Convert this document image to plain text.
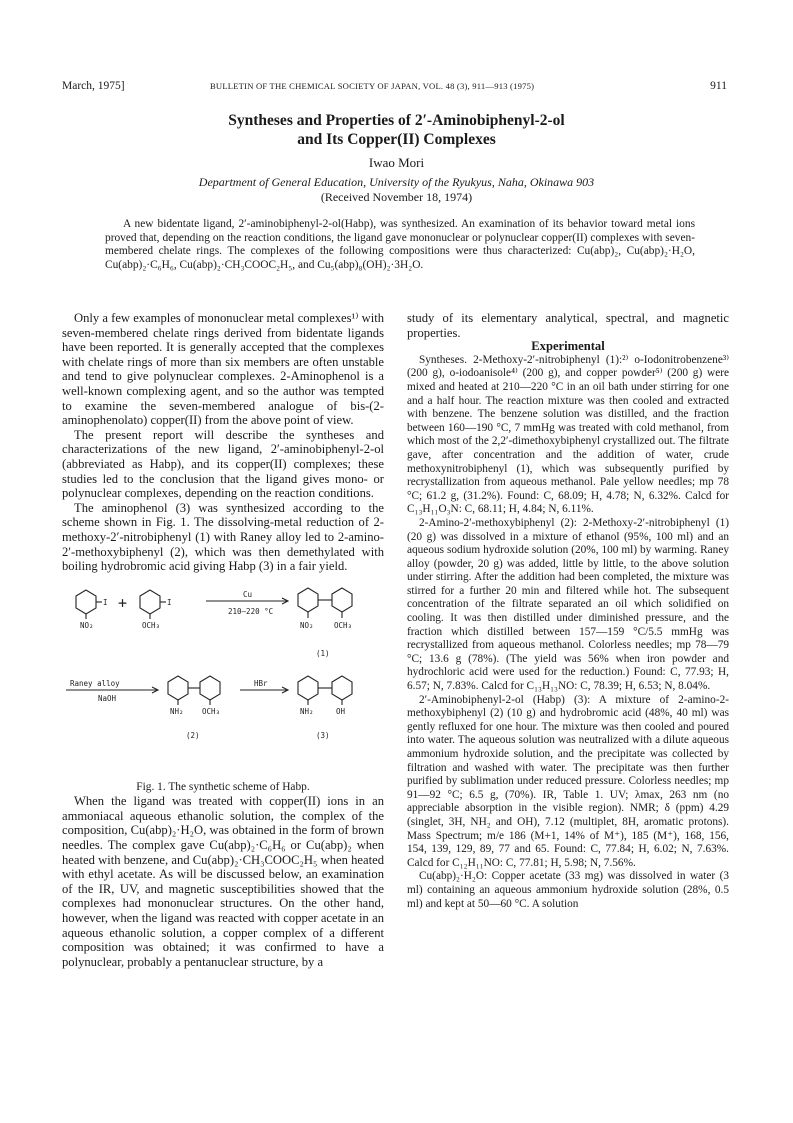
March, 1975]	BULLETIN OF THE CHEMICAL SOCIETY OF JAPAN, VOL. 48 (3), 911—913 (1975)	911
Syntheses and Properties of 2′-Aminobiphenyl-2-ol
and Its Copper(II) Complexes
Iwao Mori
Department of General Education, University of the Ryukyus, Naha, Okinawa 903
(Received November 18, 1974)

A new bidentate ligand, 2′-aminobiphenyl-2-ol(Habp), was synthesized. An examination of its behavior toward metal ions proved that, depending on the reaction conditions, the ligand gave mononuclear or polynuclear copper(II) complexes with seven-membered chelate rings. The complexes of the following compositions were thus characterized: Cu(abp)₂, Cu(abp)₂·H₂O, Cu(abp)₂·C₆H₆, Cu(abp)₂·CH₃COOC₂H₅, and Cu₅(abp)₈(OH)₂·3H₂O.

Only a few examples of mononuclear metal complexes¹⁾ with seven-membered chelate rings derived from bidentate ligands have been reported. It is generally accepted that the complexes with chelate rings of more than six members are often unstable and tend to give polynuclear complexes. 2-Aminophenol is a well-known complexing agent, and so the author was tempted to examine the seven-membered analogue of bis-(2-aminophenolato) copper(II) from the above point of view.

The present report will describe the syntheses and characterizations of the new ligand, 2′-aminobiphenyl-2-ol (abbreviated as Habp), and its copper(II) complexes; these studies led to the conclusion that the ligand gives mono- or polynuclear complexes, depending on the reaction conditions.

The aminophenol (3) was synthesized according to the scheme shown in Fig. 1. The dissolving-metal reduction of 2-methoxy-2′-nitrobiphenyl (1) with Raney alloy led to 2-amino-2′-methoxybiphenyl (2), which was then demethylated with boiling hydrobromic acid giving Habp (3) in a fair yield.

I +	I
NO₂	OCH₃
Cu
210–220 °C
NO₂	OCH₃
(1)
Raney alloy
NaOH
NH₂ OCH₃
HBr
NH₂	OH
(2)	(3)

Fig. 1. The synthetic scheme of Habp.

When the ligand was treated with copper(II) ions in an ammoniacal aqueous ethanolic solution, the complex of the composition, Cu(abp)₂·H₂O, was obtained in the form of brown needles. The complex gave Cu(abp)₂·C₆H₆ or Cu(abp)₂ when heated with benzene, and Cu(abp)₂·CH₃COOC₂H₅ when heated with ethyl acetate. As will be discussed below, an examination of the IR, UV, and magnetic susceptibilities showed that the complexes had mononuclear structures. On the other hand, however, when the ligand was reacted with copper acetate in an aqueous ethanolic solution, a copper complex of a different composition was obtained; it was confirmed to have a polynuclear, probably a pentanuclear structure, by a

study of its elementary analytical, spectral, and magnetic properties.

Experimental

Syntheses. 2-Methoxy-2′-nitrobiphenyl (1):²⁾ o-Iodonitrobenzene³⁾ (200 g), o-iodoanisole⁴⁾ (200 g), and copper powder⁵⁾ (200 g) were mixed and heated at 210—220 °C in an oil bath under stirring for one and a half hour. The reaction mixture was then cooled and extracted with benzene. The benzene solution was distilled, and the fraction between 160—190 °C, 7 mmHg was treated with cold methanol, from which most of the 2,2′-dimethoxybiphenyl crystallized out. The filtrate gave, after concentration and the addition of water, crude methoxynitrobiphenyl (1), which was subsequently purified by recrystallization from aqueous methanol. Pale yellow needles; mp 78 °C; 61.2 g, (31.2%). Found: C, 68.09; H, 4.78; N, 6.32%. Calcd for C₁₃H₁₁O₃N: C, 68.11; H, 4.84; N, 6.11%.

2-Amino-2′-methoxybiphenyl (2): 2-Methoxy-2′-nitrobiphenyl (1) (20 g) was dissolved in a mixture of ethanol (95%, 100 ml) and an aqueous sodium hydroxide solution (20%, 100 ml) by warming. Raney alloy (powder, 20 g) was added, little by little, to the above solution under stirring. After the addition had been completed, the mixture was stirred for a further 20 min and filtered while hot. The subsequent concentration of the filtrate separated an oil which solidified on cooling. It was then distilled under diminished pressure, and the fraction which distilled between 157—159 °C/5.5 mmHg was recrystallized from aqueous methanol. Colorless needles; mp 78—79 °C; 13.6 g (78%). (The yield was 56% when iron powder and hydrochloric acid were used for the reduction.) Found: C, 77.93; H, 6.57; N, 7.83%. Calcd for C₁₃H₁₃NO: C, 78.39; H, 6.53; N, 8.04%.

2′-Aminobiphenyl-2-ol (Habp) (3): A mixture of 2-amino-2-methoxybiphenyl (2) (10 g) and hydrobromic acid (48%, 40 ml) was gently refluxed for one hour. The mixture was then cooled and poured into water. The aqueous solution was neutralized with a dilute aqueous ammonium hydroxide solution, and the precipitate was collected by filtration and washed with water. The precipitate was then further purified by sublimation under reduced pressure. Colorless needles; mp 91—92 °C; 6.5 g, (70%). IR, Table 1. UV; λmax, 263 nm (no appreciable absorption in the visible region). NMR; δ (ppm) 4.29 (singlet, 3H, NH₂ and OH), 7.12 (multiplet, 8H, aromatic protons). Mass Spectrum; m/e 186 (M+1, 14% of M⁺), 185 (M⁺), 168, 156, 154, 139, 129, 89, 77 and 65. Found: C, 77.84; H, 6.02; N, 7.63%. Calcd for C₁₂H₁₁NO: C, 77.81; H, 5.98; N, 7.56%.

Cu(abp)₂·H₂O: Copper acetate (33 mg) was dissolved in water (3 ml) containing an aqueous ammonium hydroxide solution (28%, 0.5 ml) and kept at 50—60 °C. A solution
